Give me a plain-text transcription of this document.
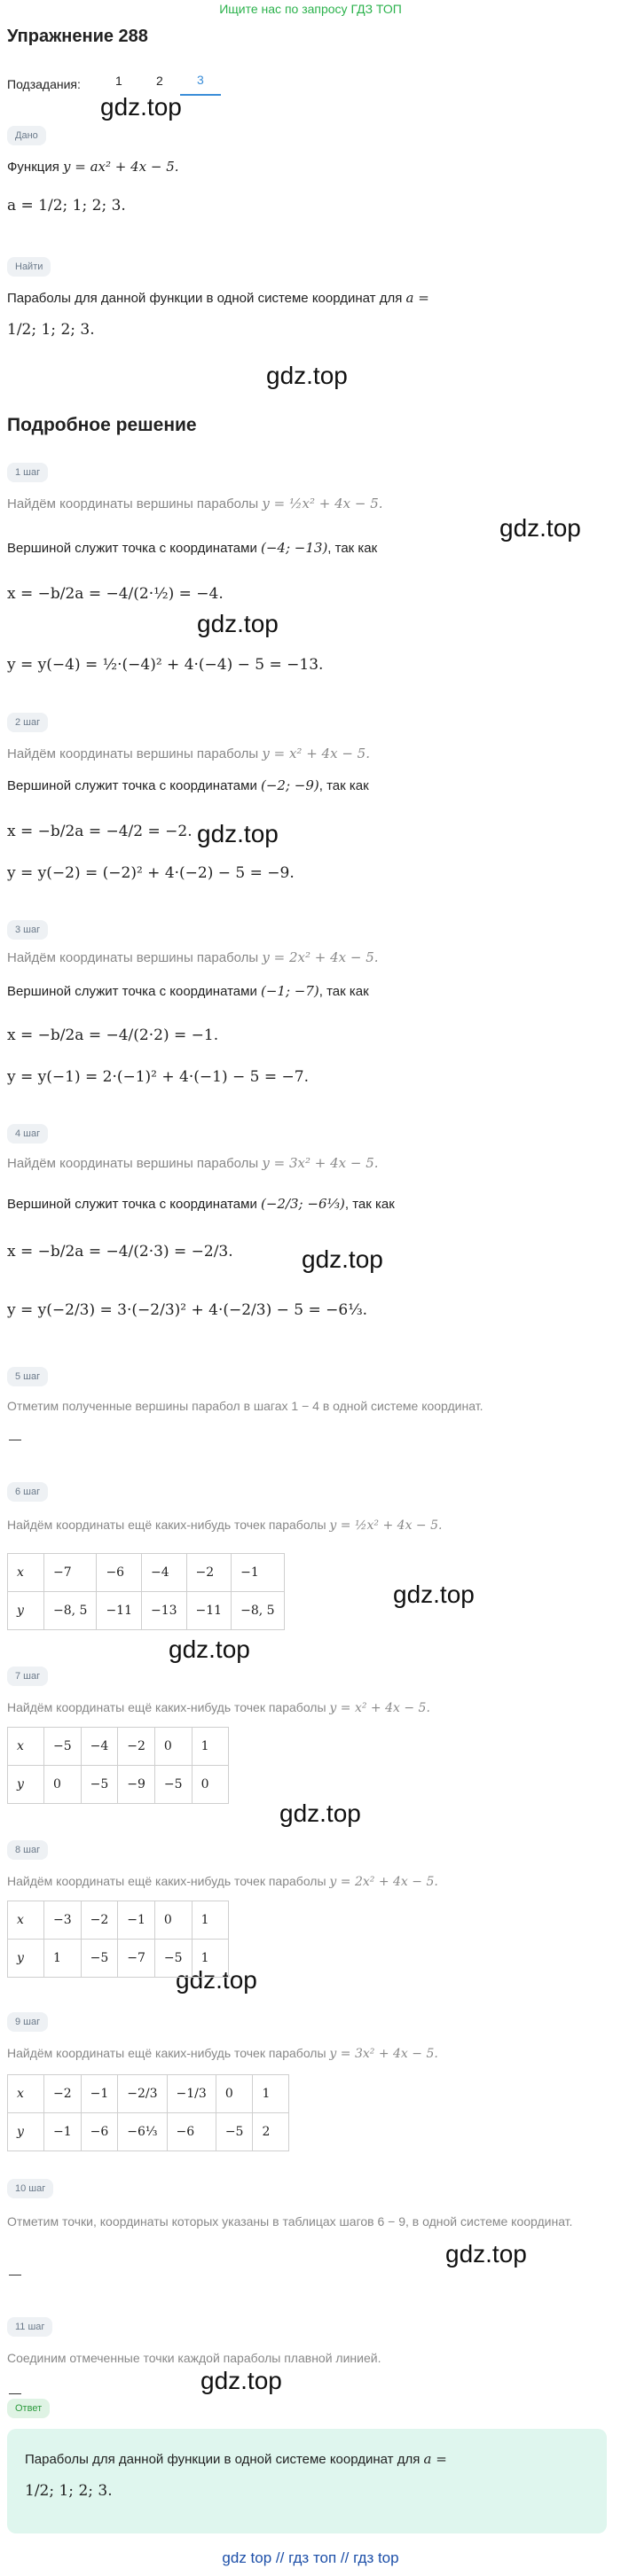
Ищите нас по запросу ГДЗ ТОП
Упражнение 288
Подзадания:	1	2	3
gdz.top
gdz.top
gdz.top
gdz.top
gdz.top
gdz.top
gdz.top
gdz.top
gdz.top
gdz.top
gdz.top
gdz.top
Дано
Функция y = ax² + 4x − 5.
a = 1/2; 1; 2; 3.
Найти
Параболы для данной функции в одной системе координат для a =
1/2; 1; 2; 3.
Подробное решение
1 шаг
Найдём координаты вершины параболы y = ½x² + 4x − 5.
Вершиной служит точка с координатами (−4; −13), так как
x = −b/2a = −4/(2·½) = −4.
y = y(−4) = ½·(−4)² + 4·(−4) − 5 = −13.
2 шаг
Найдём координаты вершины параболы y = x² + 4x − 5.
Вершиной служит точка с координатами (−2; −9), так как
x = −b/2a = −4/2 = −2.
y = y(−2) = (−2)² + 4·(−2) − 5 = −9.
3 шаг
Найдём координаты вершины параболы y = 2x² + 4x − 5.
Вершиной служит точка с координатами (−1; −7), так как
x = −b/2a = −4/(2·2) = −1.
y = y(−1) = 2·(−1)² + 4·(−1) − 5 = −7.
4 шаг
Найдём координаты вершины параболы y = 3x² + 4x − 5.
Вершиной служит точка с координатами (−2/3; −6⅓), так как
x = −b/2a = −4/(2·3) = −2/3.
y = y(−2/3) = 3·(−2/3)² + 4·(−2/3) − 5 = −6⅓.
5 шаг
Отметим полученные вершины парабол в шагах 1 − 4 в одной системе координат.
6 шаг
Найдём координаты ещё каких-нибудь точек параболы y = ½x² + 4x − 5.
x	−7	−6	−4	−2	−1
y	−8, 5	−11	−13	−11	−8, 5
7 шаг
Найдём координаты ещё каких-нибудь точек параболы y = x² + 4x − 5.
x	−5	−4	−2	0	1
y	0	−5	−9	−5	0
8 шаг
Найдём координаты ещё каких-нибудь точек параболы y = 2x² + 4x − 5.
x	−3	−2	−1	0	1
y	1	−5	−7	−5	1
9 шаг
Найдём координаты ещё каких-нибудь точек параболы y = 3x² + 4x − 5.
x	−2	−1	−2/3	−1/3	0	1
y	−1	−6	−6⅓	−6	−5	2
10 шаг
Отметим точки, координаты которых указаны в таблицах шагов 6 − 9, в одной системе координат.
11 шаг
Соединим отмеченные точки каждой параболы плавной линией.
Ответ
Параболы для данной функции в одной системе координат для a =
1/2; 1; 2; 3.
gdz top // гдз топ // гдз top
